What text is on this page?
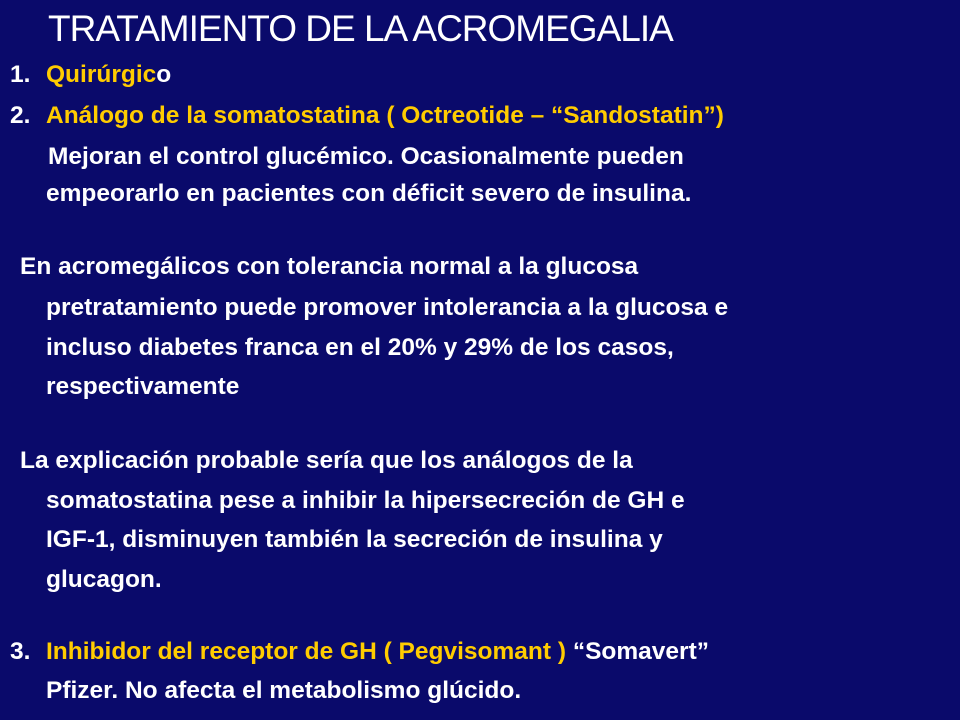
TRATAMIENTO DE LA ACROMEGALIA
1. Quirúrgico
2. Análogo de la somatostatina ( Octreotide – “Sandostatin”)
Mejoran el control glucémico. Ocasionalmente pueden
empeorarlo en pacientes con déficit severo de insulina.
En acromegálicos con tolerancia normal a la glucosa
pretratamiento puede promover intolerancia a la glucosa e
incluso diabetes franca en el 20% y 29% de los casos,
respectivamente
La explicación probable sería que los análogos de la
somatostatina pese a inhibir la hipersecreción de GH e
IGF-1, disminuyen también la secreción de insulina y
glucagon.
3. Inhibidor del receptor de GH ( Pegvisomant ) “Somavert”
Pfizer. No afecta el metabolismo glúcido.
